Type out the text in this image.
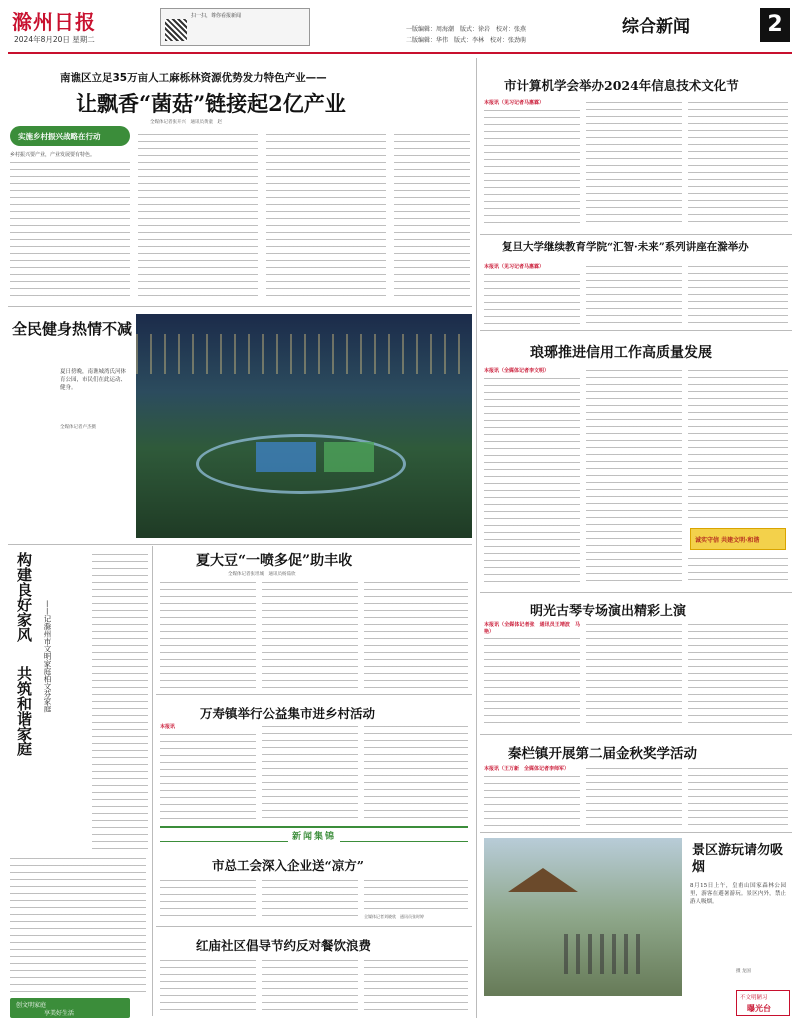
滁州日报
2024年8月20日 星期二
扫一扫，尊你看报新闻
一版编辑：周海潮　版式：徐岩　校对：张燕
二版编辑：华伟　版式：李林　校对：张劲萌
综合新闻	2
南谯区立足35万亩人工麻栎林资源优势发力特色产业——
让飘香“菌菇”链接起2亿产业
全媒体记者张开兴　通讯员黄童　赵
实施乡村振兴战略在行动
乡村振兴要产业，产业发展要有特色。
市计算机学会举办2024年信息技术文化节
本报讯（见习记者马惠霖）
复旦大学继续教育学院“汇智·未来”系列讲座在滁举办
本报讯（见习记者马惠霖）
琅琊推进信用工作高质量发展
本报讯（全媒体记者李文明）
诚实守信 共建文明·和谐
全民健身热情不减
夏日傍晚，南谯城湾氏河体育公园，市民们在此运动、健身。
全媒体记者卢杰摄
构建良好家风
——记滁州市文明家庭柏文芬家庭
共筑和谐家庭
创文明家庭
享美好生活
夏大豆“一喷多促”助丰收
全媒体记者张坦城　通讯员杨茹欣
万寿镇举行公益集市进乡村活动
本报讯
新闻集锦
市总工会深入企业送“凉方”
全媒体记者刘晓欣　通讯员张时婷
红庙社区倡导节约反对餐饮浪费
明光古琴专场演出精彩上演
本报讯（全媒体记者张　通讯员王靖波　马　艳）
秦栏镇开展第二届金秋奖学活动
本报讯（王万新　全媒体记者李师军）
景区游玩请勿吸烟
8月15日上午，皇甫山国家森林公园里，游客在避暑游玩。景区内外，禁止游人吸烟。
摄 龙国
不文明陋习
曝光台
